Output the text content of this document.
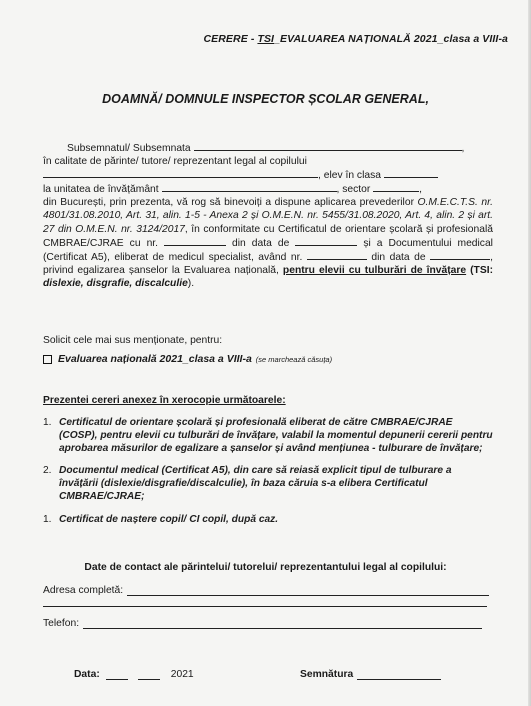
CERERE - TSI_EVALUAREA NAȚIONALĂ 2021_clasa a VIII-a
DOAMNĂ/ DOMNULE INSPECTOR ȘCOLAR GENERAL,

Subsemnatul/ Subsemnata	,

în calitate de părinte/ tutore/ reprezentant legal al copilului

, elev în clasa

la unitatea de învățământ	, sector	,

din București, prin prezenta, vă rog să binevoiți a dispune aplicarea prevederilor O.M.E.C.T.S. nr. 4801/31.08.2010, Art. 31, alin. 1-5 - Anexa 2 și O.M.E.N. nr. 5455/31.08.2020, Art. 4, alin. 2 și art. 27 din O.M.E.N. nr. 3124/2017, în conformitate cu Certificatul de orientare școlară și profesională CMBRAE/CJRAE cu nr.	din data de	și a Documentului medical (Certificat A5), eliberat de medicul specialist, având nr.	din data de	, privind egalizarea șanselor la Evaluarea națională, pentru elevii cu tulburări de învățare (TSI: dislexie, disgrafie, discalculie).

Solicit cele mai sus menționate, pentru:
Evaluarea națională 2021_clasa a VIII-a (se marchează căsuța)
Prezentei cereri anexez în xerocopie următoarele:
1. Certificatul de orientare școlară și profesională eliberat de către CMBRAE/CJRAE (COSP), pentru elevii cu tulburări de învățare, valabil la momentul depunerii cererii pentru aprobarea măsurilor de egalizare a șanselor și având mențiunea - tulburare de învățare;
2. Documentul medical (Certificat A5), din care să reiasă explicit tipul de tulburare a învățării (dislexie/disgrafie/discalculie), în baza căruia s-a elibera Certificatul CMBRAE/CJRAE;
1. Certificat de naștere copil/ CI copil, după caz.
Date de contact ale părintelui/ tutorelui/ reprezentantului legal al copilului:
Adresa completă:
Telefon:
Data:	2021	Semnătura
